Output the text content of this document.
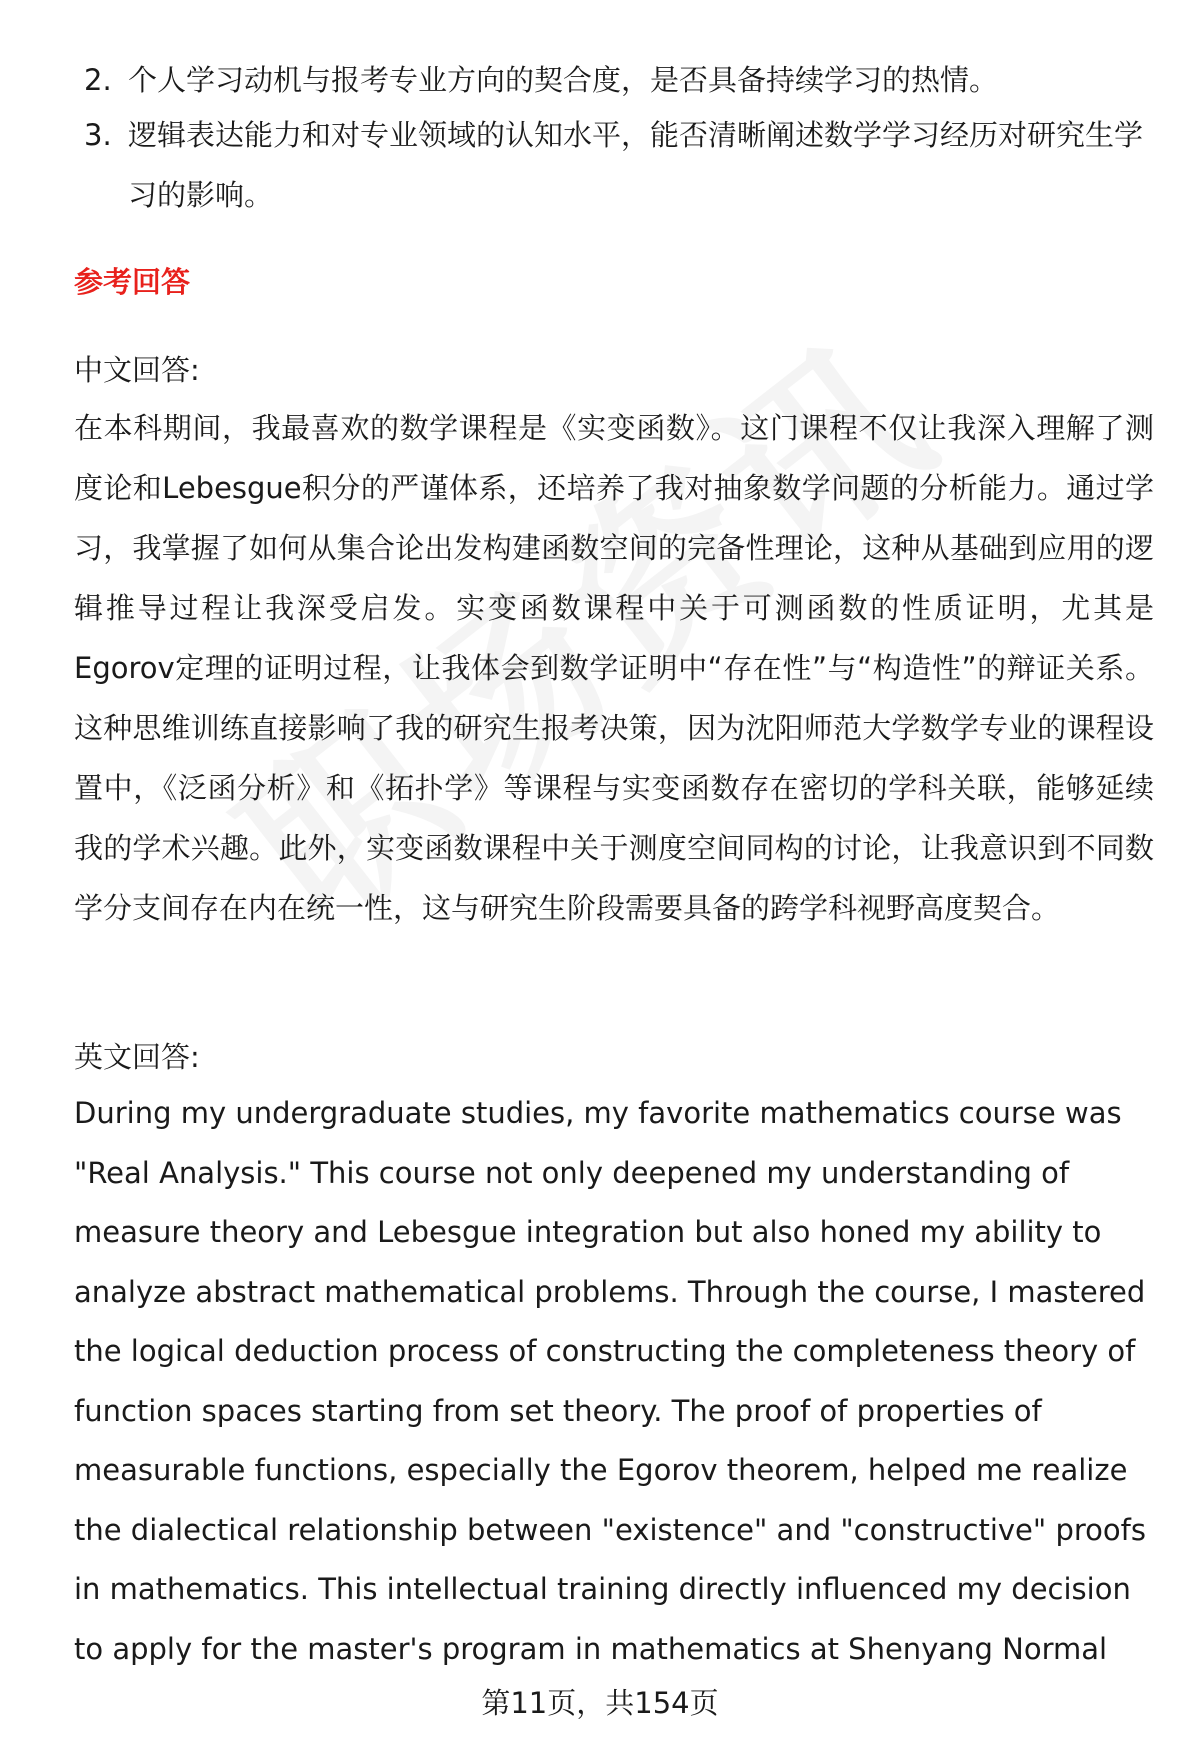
2. 个人学习动机与报考专业方向的契合度，是否具备持续学习的热情。
3. 逻辑表达能力和对专业领域的认知水平，能否清晰阐述数学学习经历对研究生学习的影响。
参考回答
中文回答:
在本科期间，我最喜欢的数学课程是《实变函数》。这门课程不仅让我深入理解了测度论和Lebesgue积分的严谨体系，还培养了我对抽象数学问题的分析能力。通过学习，我掌握了如何从集合论出发构建函数空间的完备性理论，这种从基础到应用的逻辑推导过程让我深受启发。实变函数课程中关于可测函数的性质证明，尤其是Egorov定理的证明过程，让我体会到数学证明中“存在性”与“构造性”的辩证关系。这种思维训练直接影响了我的研究生报考决策，因为沈阳师范大学数学专业的课程设置中，《泛函分析》和《拓扑学》等课程与实变函数存在密切的学科关联，能够延续我的学术兴趣。此外，实变函数课程中关于测度空间同构的讨论，让我意识到不同数学分支间存在内在统一性，这与研究生阶段需要具备的跨学科视野高度契合。
英文回答:
During my undergraduate studies, my favorite mathematics course was "Real Analysis." This course not only deepened my understanding of measure theory and Lebesgue integration but also honed my ability to analyze abstract mathematical problems. Through the course, I mastered the logical deduction process of constructing the completeness theory of function spaces starting from set theory. The proof of properties of measurable functions, especially the Egorov theorem, helped me realize the dialectical relationship between "existence" and "constructive" proofs in mathematics. This intellectual training directly influenced my decision to apply for the master's program in mathematics at Shenyang Normal
第11页，共154页
